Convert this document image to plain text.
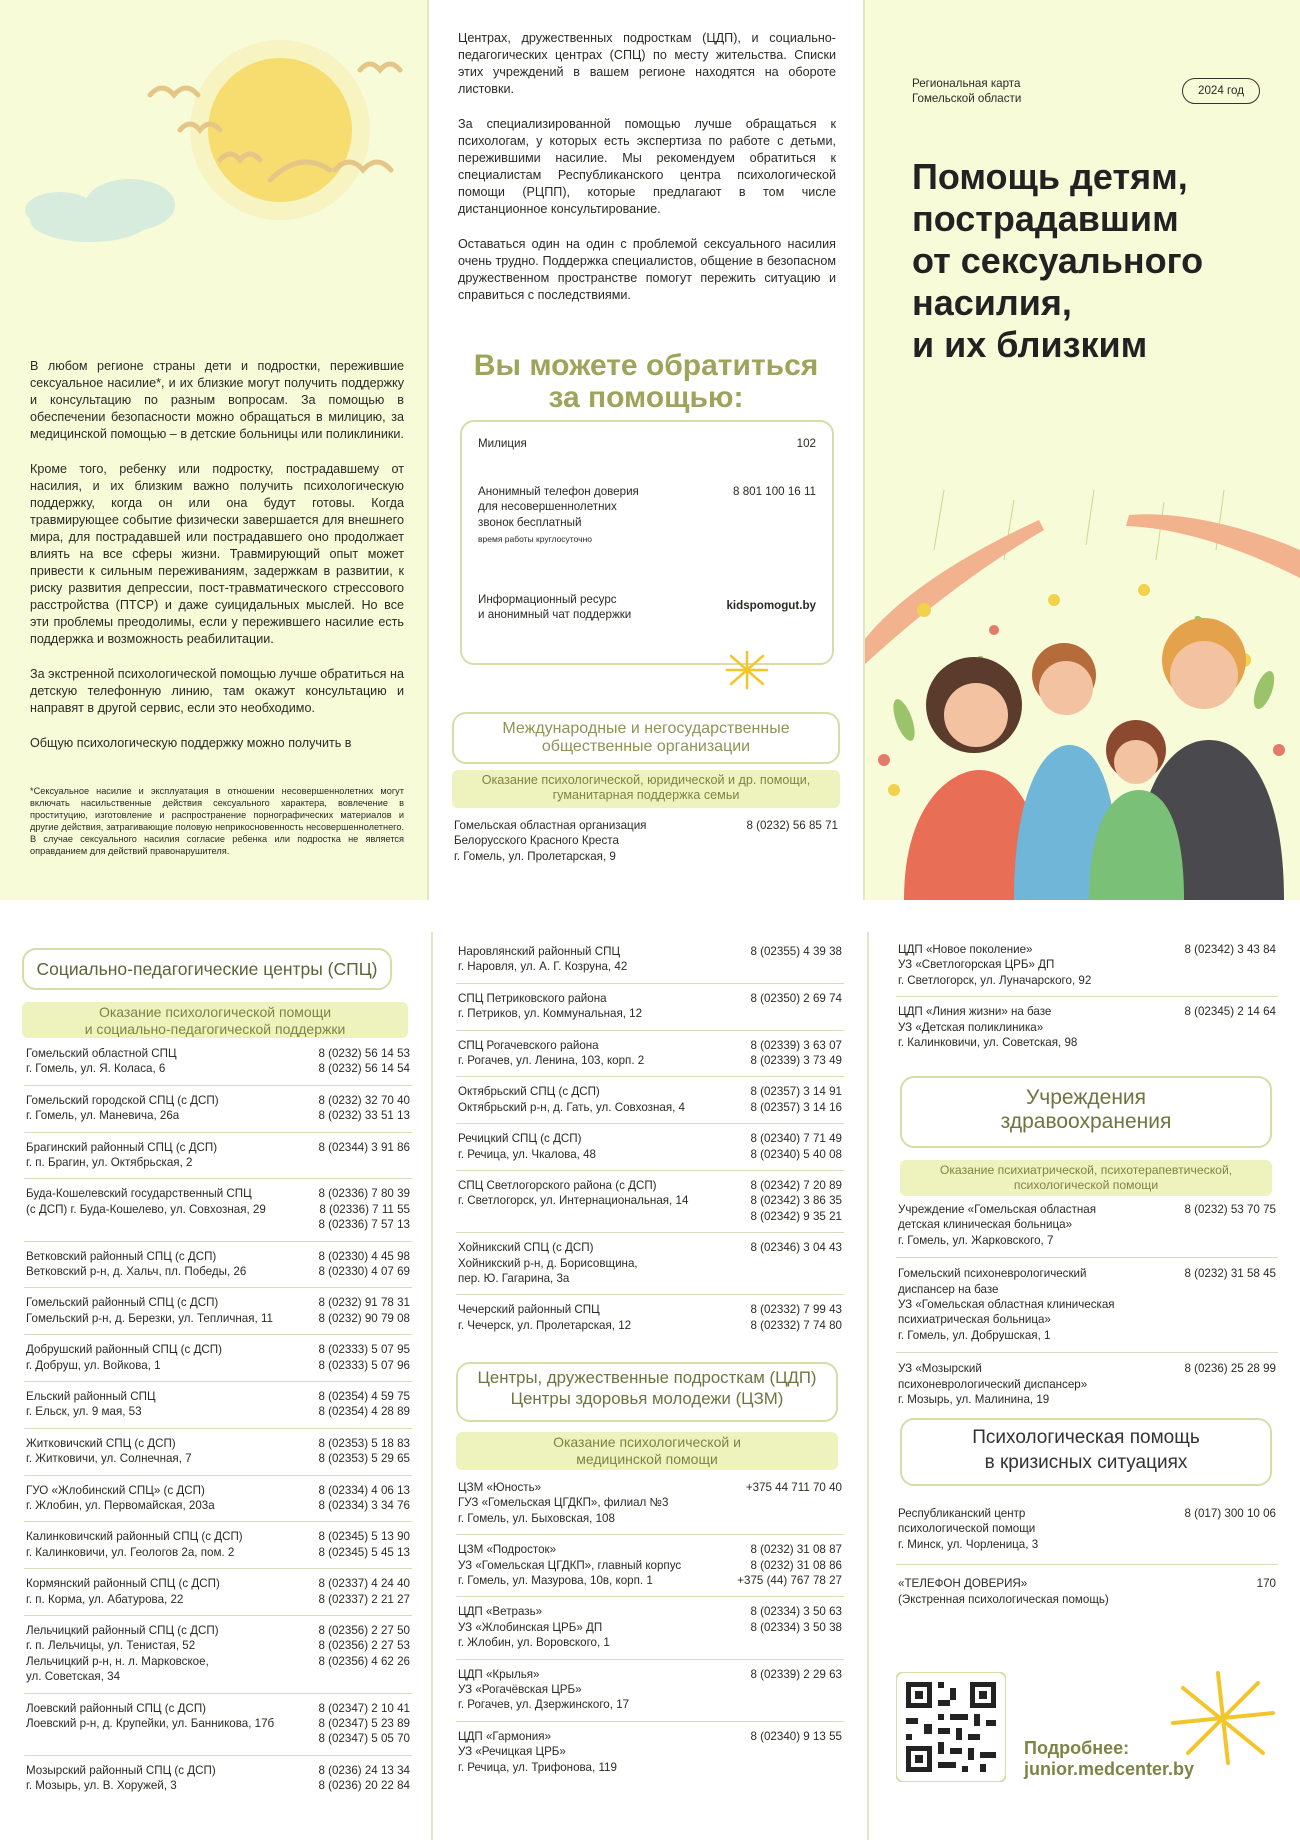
В любом регионе страны дети и подростки, пережившие сексуальное насилие*, и их близкие могут получить поддержку и консультацию по разным вопросам. За помощью в обеспечении безопасности можно обращаться в милицию, за медицинской помощью – в детские больницы или поликлиники.

Кроме того, ребенку или подростку, пострадавшему от насилия, и их близким важно получить психологическую поддержку, когда он или она будут готовы. Когда травмирующее событие физически завершается для внешнего мира, для пострадавшей или пострадавшего оно продолжает влиять на все сферы жизни. Травмирующий опыт может привести к сильным переживаниям, задержкам в развитии, к риску развития депрессии, пост-травматического стрессового расстройства (ПТСР) и даже суицидальных мыслей. Но все эти проблемы преодолимы, если у пережившего насилие есть поддержка и возможность реабилитации.

За экстренной психологической помощью лучше обратиться на детскую телефонную линию, там окажут консультацию и направят в другой сервис, если это необходимо.

Общую психологическую поддержку можно получить в

*Сексуальное насилие и эксплуатация в отношении несовершеннолетних могут включать насильственные действия сексуального характера, вовлечение в проституцию, изготовление и распространение порнографических материалов и другие действия, затрагивающие половую неприкосновенность несовершеннолетнего. В случае сексуального насилия согласие ребенка или подростка не является оправданием для действий правонарушителя.

Центрах, дружественных подросткам (ЦДП), и социально-педагогических центрах (СПЦ) по месту жительства. Списки этих учреждений в вашем регионе находятся на обороте листовки.

За специализированной помощью лучше обращаться к психологам, у которых есть экспертиза по работе с детьми, пережившими насилие. Мы рекомендуем обратиться к специалистам Республиканского центра психологической помощи (РЦПП), которые предлагают в том числе дистанционное консультирование.

Оставаться один на один с проблемой сексуального насилия очень трудно. Поддержка специалистов, общение в безопасном дружественном пространстве помогут пережить ситуацию и справиться с последствиями.

Вы можете обратиться
за помощью:
Милиция	102
Анонимный телефон доверия
для несовершеннолетних
звонок бесплатный
время работы круглосуточно
8 801 100 16 11
Информационный ресурс
и анонимный чат поддержки
kidspomogut.by
Международные и негосударственные общественные организации
Оказание психологической, юридической и др. помощи, гуманитарная поддержка семьи
Гомельская областная организация
Белорусского Красного Креста
г. Гомель, ул. Пролетарская, 9
8 (0232) 56 85 71
Региональная карта
Гомельской области
2024 год
Помощь детям,
пострадавшим
от сексуального
насилия,
и их близким
Социально-педагогические центры (СПЦ)
Оказание психологической помощи
и социально-педагогической поддержки
Гомельский областной СПЦ
г. Гомель, ул. Я. Коласа, 6
8 (0232) 56 14 53
8 (0232) 56 14 54
Гомельский городской СПЦ (с ДСП)
г. Гомель, ул. Маневича, 26а
8 (0232) 32 70 40
8 (0232) 33 51 13
Брагинский районный СПЦ (с ДСП)
г. п. Брагин, ул. Октябрьская, 2
8 (02344) 3 91 86
Буда-Кошелевский государственный СПЦ
(с ДСП) г. Буда-Кошелево, ул. Совхозная, 29
8 (02336) 7 80 39
8 (02336) 7 11 55
8 (02336) 7 57 13
Ветковский районный СПЦ (с ДСП)
Ветковский р-н, д. Хальч, пл. Победы, 26
8 (02330) 4 45 98
8 (02330) 4 07 69
Гомельский районный СПЦ (с ДСП)
Гомельский р-н, д. Березки, ул. Тепличная, 11
8 (0232) 91 78 31
8 (0232) 90 79 08
Добрушский районный СПЦ (с ДСП)
г. Добруш, ул. Войкова, 1
8 (02333) 5 07 95
8 (02333) 5 07 96
Ельский районный СПЦ
г. Ельск, ул. 9 мая, 53
8 (02354) 4 59 75
8 (02354) 4 28 89
Житковичский СПЦ (с ДСП)
г. Житковичи, ул. Солнечная, 7
8 (02353) 5 18 83
8 (02353) 5 29 65
ГУО «Жлобинский СПЦ» (с ДСП)
г. Жлобин, ул. Первомайская, 203а
8 (02334) 4 06 13
8 (02334) 3 34 76
Калинковичский районный СПЦ (с ДСП)
г. Калинковичи, ул. Геологов 2а, пом. 2
8 (02345) 5 13 90
8 (02345) 5 45 13
Кормянский районный СПЦ (с ДСП)
г. п. Корма, ул. Абатурова, 22
8 (02337) 4 24 40
8 (02337) 2 21 27
Лельчицкий районный СПЦ (с ДСП)
г. п. Лельчицы, ул. Тенистая, 52
Лельчицкий р-н, н. л. Марковское,
ул. Советская, 34
8 (02356) 2 27 50
8 (02356) 2 27 53
8 (02356) 4 62 26
Лоевский районный СПЦ (с ДСП)
Лоевский р-н, д. Крупейки, ул. Банникова, 17б
8 (02347) 2 10 41
8 (02347) 5 23 89
8 (02347) 5 05 70
Мозырский районный СПЦ (с ДСП)
г. Мозырь, ул. В. Хоружей, 3
8 (0236) 24 13 34
8 (0236) 20 22 84
Наровлянский районный СПЦ
г. Наровля, ул. А. Г. Козруна, 42
8 (02355) 4 39 38
СПЦ Петриковского района
г. Петриков, ул. Коммунальная, 12
8 (02350) 2 69 74
СПЦ Рогачевского района
г. Рогачев, ул. Ленина, 103, корп. 2
8 (02339) 3 63 07
8 (02339) 3 73 49
Октябрьский СПЦ (с ДСП)
Октябрьский р-н, д. Гать, ул. Совхозная, 4
8 (02357) 3 14 91
8 (02357) 3 14 16
Речицкий СПЦ (с ДСП)
г. Речица, ул. Чкалова, 48
8 (02340) 7 71 49
8 (02340) 5 40 08
СПЦ Светлогорского района (с ДСП)
г. Светлогорск, ул. Интернациональная, 14
8 (02342) 7 20 89
8 (02342) 3 86 35
8 (02342) 9 35 21
Хойникский СПЦ (с ДСП)
Хойникский р-н, д. Борисовщина,
пер. Ю. Гагарина, 3а
8 (02346) 3 04 43
Чечерский районный СПЦ
г. Чечерск, ул. Пролетарская, 12
8 (02332) 7 99 43
8 (02332) 7 74 80
Центры, дружественные подросткам (ЦДП)
Центры здоровья молодежи (ЦЗМ)
Оказание психологической и
медицинской помощи
ЦЗМ «Юность»
ГУЗ «Гомельская ЦГДКП», филиал №3
г. Гомель, ул. Быховская, 108
+375 44 711 70 40
ЦЗМ «Подросток»
УЗ «Гомельская ЦГДКП», главный корпус
г. Гомель, ул. Мазурова, 10в, корп. 1
8 (0232) 31 08 87
8 (0232) 31 08 86
+375 (44) 767 78 27
ЦДП «Ветразь»
УЗ «Жлобинская ЦРБ» ДП
г. Жлобин, ул. Воровского, 1
8 (02334) 3 50 63
8 (02334) 3 50 38
ЦДП «Крылья»
УЗ «Рогачёвская ЦРБ»
г. Рогачев, ул. Дзержинского, 17
8 (02339) 2 29 63
ЦДП «Гармония»
УЗ «Речицкая ЦРБ»
г. Речица, ул. Трифонова, 119
8 (02340) 9 13 55
ЦДП «Новое поколение»
УЗ «Светлогорская ЦРБ» ДП
г. Светлогорск, ул. Луначарского, 92
8 (02342) 3 43 84
ЦДП «Линия жизни» на базе
УЗ «Детская поликлиника»
г. Калинковичи, ул. Советская, 98
8 (02345) 2 14 64
Учреждения
здравоохранения
Оказание психиатрической, психотерапевтической,
психологической помощи
Учреждение «Гомельская областная
детская клиническая больница»
г. Гомель, ул. Жарковского, 7
8 (0232) 53 70 75
Гомельский психоневрологический
диспансер на базе
УЗ «Гомельская областная клиническая
психиатрическая больница»
г. Гомель, ул. Добрушская, 1
8 (0232) 31 58 45
УЗ «Мозырский
психоневрологический диспансер»
г. Мозырь, ул. Малинина, 19
8 (0236) 25 28 99
Психологическая помощь
в кризисных ситуациях
Республиканский центр
психологической помощи
г. Минск, ул. Чорленица, 3
8 (017) 300 10 06
«ТЕЛЕФОН ДОВЕРИЯ»
(Экстренная психологическая помощь)
170
Подробнее:
junior.medcenter.by
